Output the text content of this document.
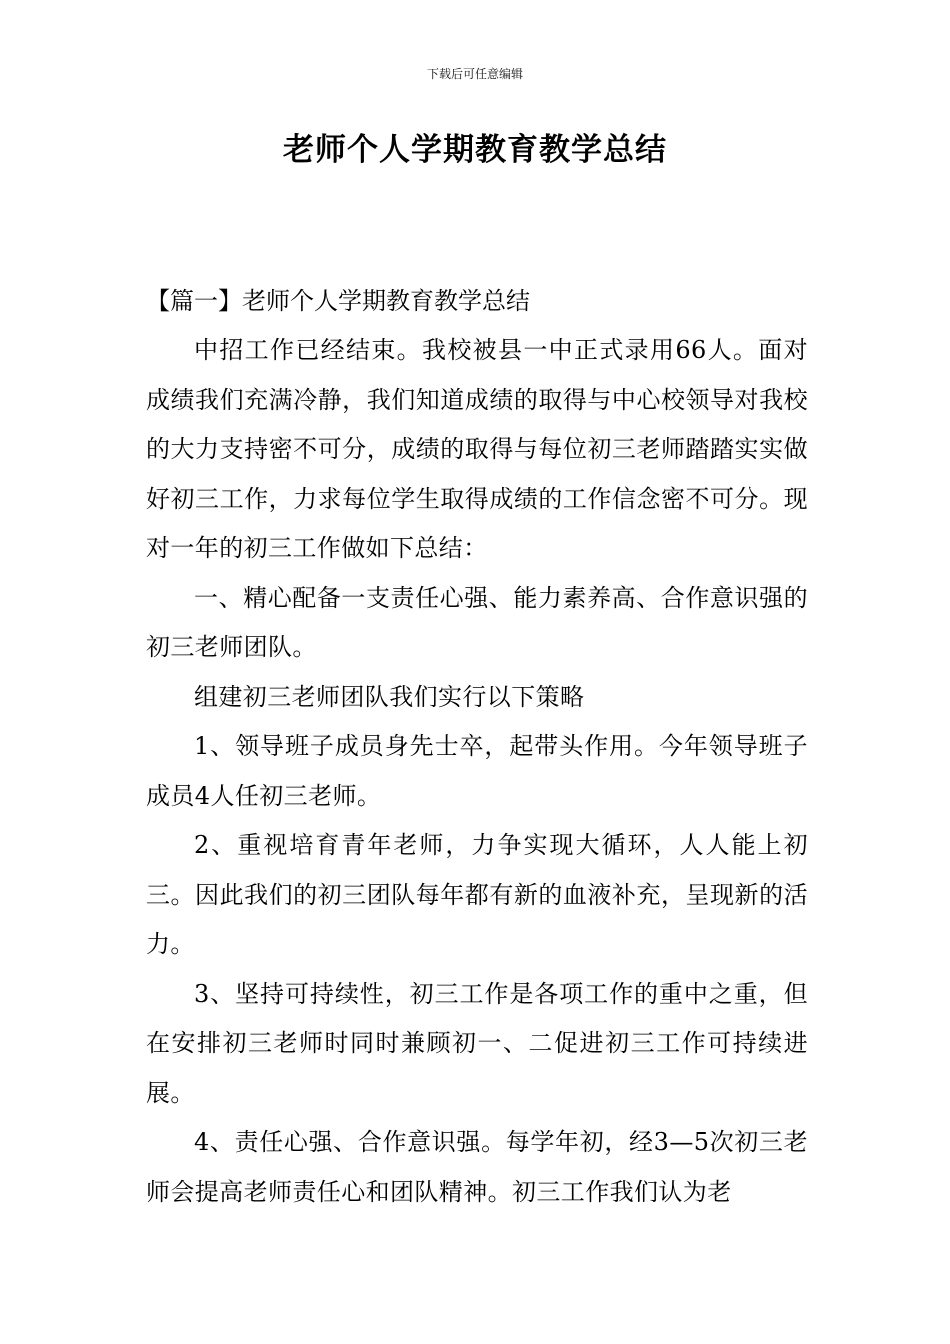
下载后可任意编辑
老师个人学期教育教学总结

【篇一】老师个人学期教育教学总结

中招工作已经结束。我校被县一中正式录用66人。面对成绩我们充满冷静，我们知道成绩的取得与中心校领导对我校的大力支持密不可分，成绩的取得与每位初三老师踏踏实实做好初三工作，力求每位学生取得成绩的工作信念密不可分。现对一年的初三工作做如下总结：

一、精心配备一支责任心强、能力素养高、合作意识强的初三老师团队。

组建初三老师团队我们实行以下策略

1、领导班子成员身先士卒，起带头作用。今年领导班子成员4人任初三老师。

2、重视培育青年老师，力争实现大循环，人人能上初三。因此我们的初三团队每年都有新的血液补充，呈现新的活力。

3、坚持可持续性，初三工作是各项工作的重中之重，但在安排初三老师时同时兼顾初一、二促进初三工作可持续进展。

4、责任心强、合作意识强。每学年初，经3—5次初三老师会提高老师责任心和团队精神。初三工作我们认为老
